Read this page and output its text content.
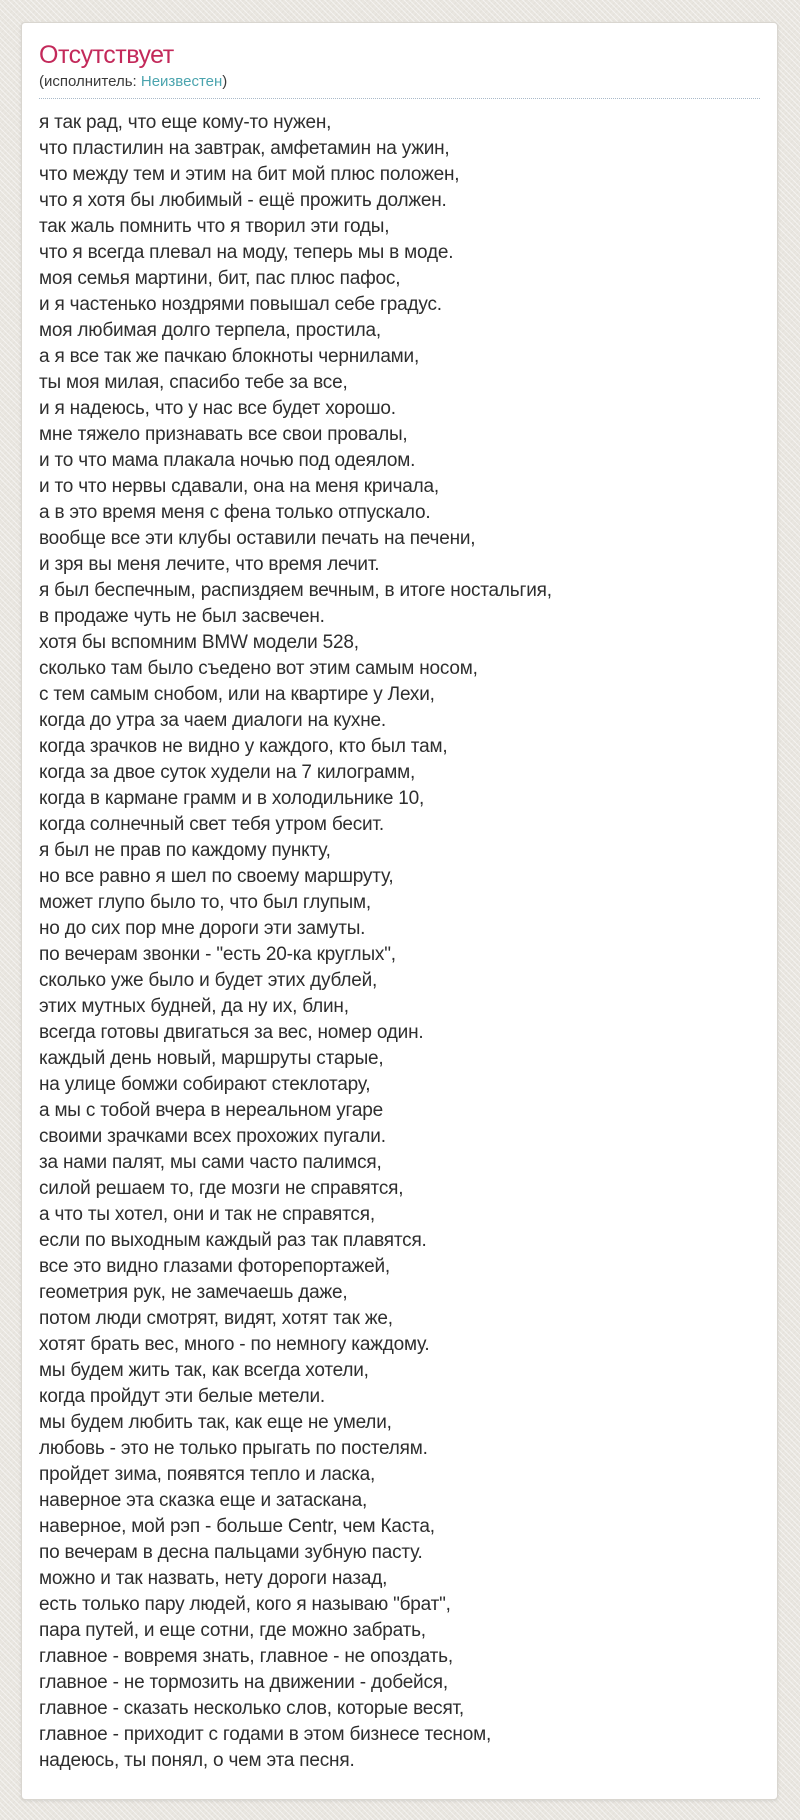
Отсутствует
(исполнитель: Неизвестен)
я так рад, что еще кому-то нужен,
что пластилин на завтрак, амфетамин на ужин,
что между тем и этим на бит мой плюс положен,
что я хотя бы любимый - ещё прожить должен.
так жаль помнить что я творил эти годы,
что я всегда плевал на моду, теперь мы в моде.
моя семья мартини, бит, пас плюс пафос,
и я частенько ноздрями повышал себе градус.
моя любимая долго терпела, простила,
а я все так же пачкаю блокноты чернилами,
ты моя милая, спасибо тебе за все,
и я надеюсь, что у нас все будет хорошо.
мне тяжело признавать все свои провалы,
и то что мама плакала ночью под одеялом.
и то что нервы сдавали, она на меня кричала,
а в это время меня с фена только отпускало.
вообще все эти клубы оставили печать на печени,
и зря вы меня лечите, что время лечит.
я был беспечным, распиздяем вечным, в итоге ностальгия,
в продаже чуть не был засвечен.
хотя бы вспомним BMW модели 528,
сколько там было съедено вот этим самым носом,
с тем самым снобом, или на квартире у Лехи,
когда до утра за чаем диалоги на кухне.
когда зрачков не видно у каждого, кто был там,
когда за двое суток худели на 7 килограмм,
когда в кармане грамм и в холодильнике 10,
когда солнечный свет тебя утром бесит.
я был не прав по каждому пункту,
но все равно я шел по своему маршруту,
может глупо было то, что был глупым,
но до сих пор мне дороги эти замуты.
по вечерам звонки - "есть 20-ка круглых",
сколько уже было и будет этих дублей,
этих мутных будней, да ну их, блин,
всегда готовы двигаться за вес, номер один.
каждый день новый, маршруты старые,
на улице бомжи собирают стеклотару,
а мы с тобой вчера в нереальном угаре
своими зрачками всех прохожих пугали.
за нами палят, мы сами часто палимся,
силой решаем то, где мозги не справятся,
а что ты хотел, они и так не справятся,
если по выходным каждый раз так плавятся.
все это видно глазами фоторепортажей,
геометрия рук, не замечаешь даже,
потом люди смотрят, видят, хотят так же,
хотят брать вес, много - по немногу каждому.
мы будем жить так, как всегда хотели,
когда пройдут эти белые метели.
мы будем любить так, как еще не умели,
любовь - это не только прыгать по постелям.
пройдет зима, появятся тепло и ласка,
наверное эта сказка еще и затаскана,
наверное, мой рэп - больше Centr, чем Каста,
по вечерам в десна пальцами зубную пасту.
можно и так назвать, нету дороги назад,
есть только пару людей, кого я называю "брат",
пара путей, и еще сотни, где можно забрать,
главное - вовремя знать, главное - не опоздать,
главное - не тормозить на движении - добейся,
главное - сказать несколько слов, которые весят,
главное - приходит с годами в этом бизнесе тесном,
надеюсь, ты понял, о чем эта песня.
